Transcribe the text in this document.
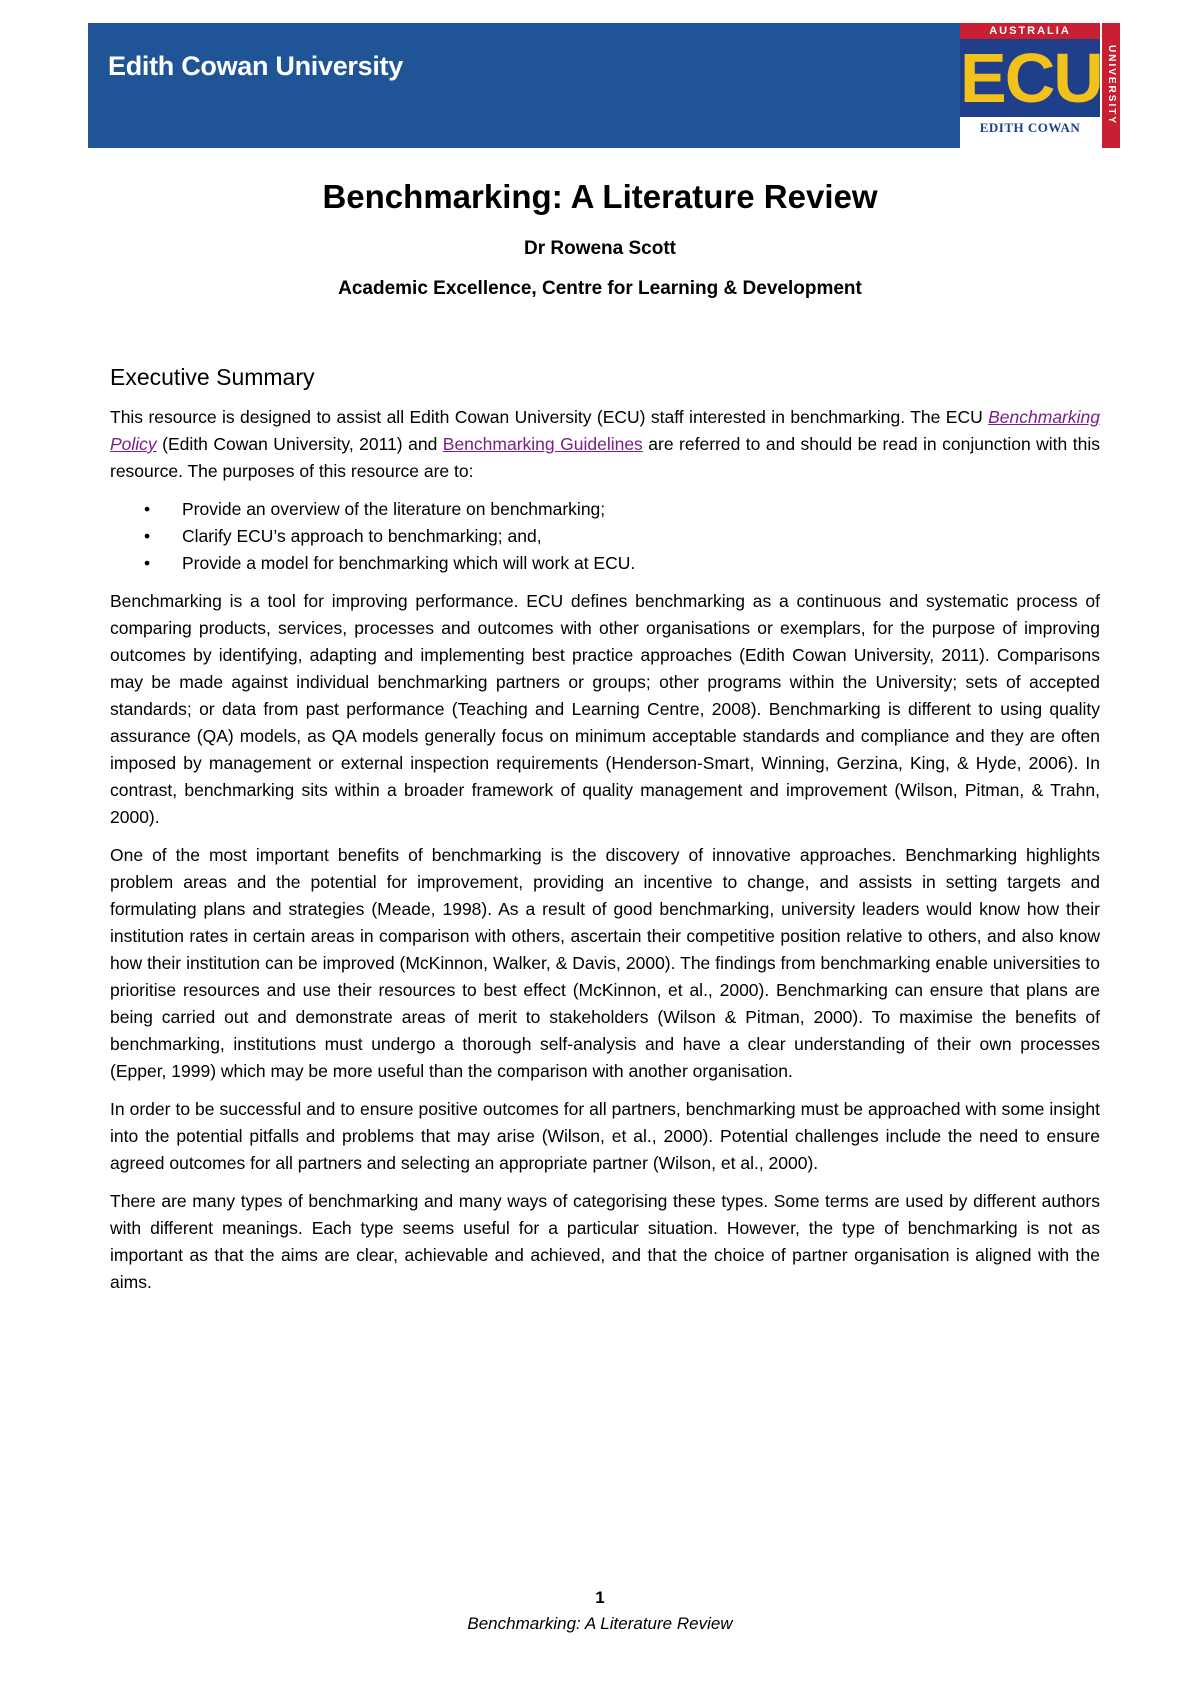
Edith Cowan University
AUSTRALIA
ECU
EDITH COWAN
UNIVERSITY
Benchmarking: A Literature Review
Dr Rowena Scott
Academic Excellence, Centre for Learning & Development
Executive Summary

This resource is designed to assist all Edith Cowan University (ECU) staff interested in benchmarking. The ECU Benchmarking Policy (Edith Cowan University, 2011) and Benchmarking Guidelines are referred to and should be read in conjunction with this resource. The purposes of this resource are to:

• Provide an overview of the literature on benchmarking;
• Clarify ECU’s approach to benchmarking; and,
• Provide a model for benchmarking which will work at ECU.

Benchmarking is a tool for improving performance. ECU defines benchmarking as a continuous and systematic process of comparing products, services, processes and outcomes with other organisations or exemplars, for the purpose of improving outcomes by identifying, adapting and implementing best practice approaches (Edith Cowan University, 2011). Comparisons may be made against individual benchmarking partners or groups; other programs within the University; sets of accepted standards; or data from past performance (Teaching and Learning Centre, 2008). Benchmarking is different to using quality assurance (QA) models, as QA models generally focus on minimum acceptable standards and compliance and they are often imposed by management or external inspection requirements (Henderson-Smart, Winning, Gerzina, King, & Hyde, 2006). In contrast, benchmarking sits within a broader framework of quality management and improvement (Wilson, Pitman, & Trahn, 2000).

One of the most important benefits of benchmarking is the discovery of innovative approaches. Benchmarking highlights problem areas and the potential for improvement, providing an incentive to change, and assists in setting targets and formulating plans and strategies (Meade, 1998). As a result of good benchmarking, university leaders would know how their institution rates in certain areas in comparison with others, ascertain their competitive position relative to others, and also know how their institution can be improved (McKinnon, Walker, & Davis, 2000). The findings from benchmarking enable universities to prioritise resources and use their resources to best effect (McKinnon, et al., 2000). Benchmarking can ensure that plans are being carried out and demonstrate areas of merit to stakeholders (Wilson & Pitman, 2000). To maximise the benefits of benchmarking, institutions must undergo a thorough self-analysis and have a clear understanding of their own processes (Epper, 1999) which may be more useful than the comparison with another organisation.

In order to be successful and to ensure positive outcomes for all partners, benchmarking must be approached with some insight into the potential pitfalls and problems that may arise (Wilson, et al., 2000). Potential challenges include the need to ensure agreed outcomes for all partners and selecting an appropriate partner (Wilson, et al., 2000).

There are many types of benchmarking and many ways of categorising these types. Some terms are used by different authors with different meanings. Each type seems useful for a particular situation. However, the type of benchmarking is not as important as that the aims are clear, achievable and achieved, and that the choice of partner organisation is aligned with the aims.

1
Benchmarking: A Literature Review
